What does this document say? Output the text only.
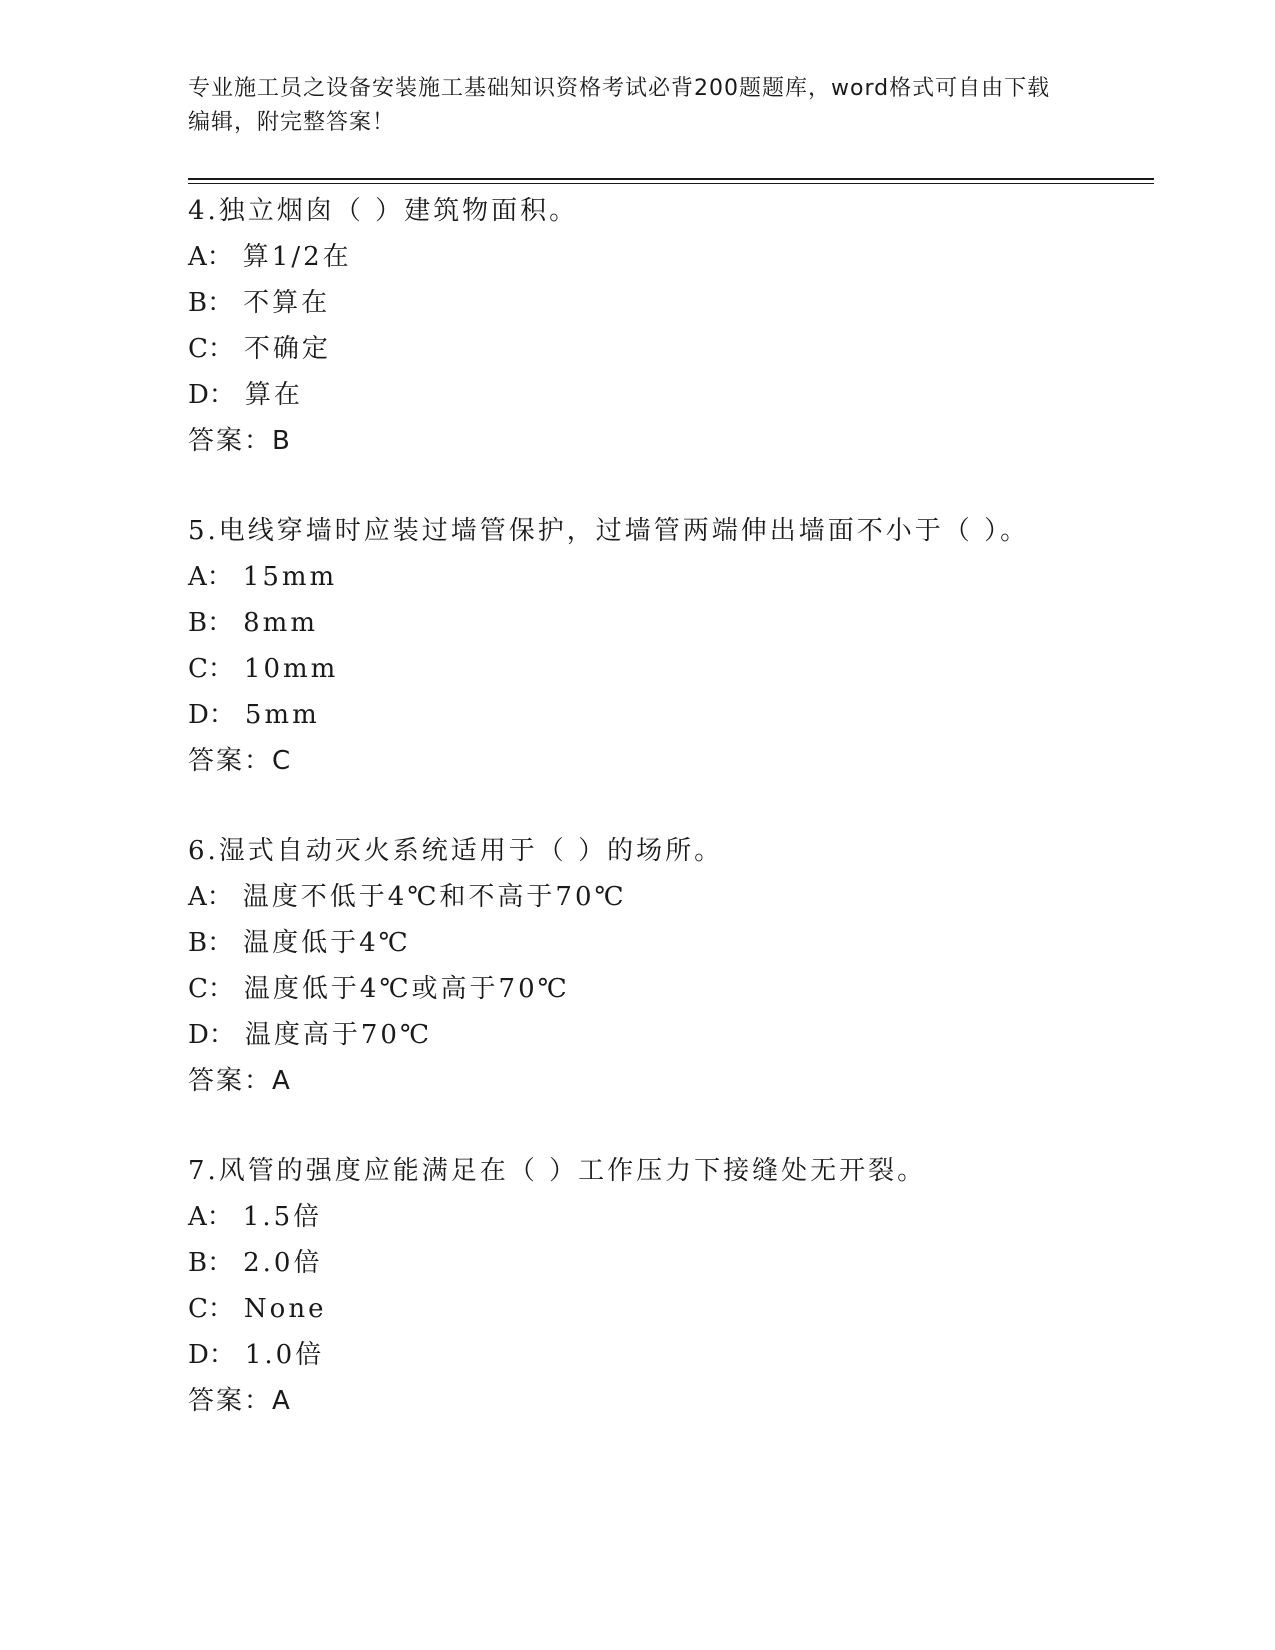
专业施工员之设备安装施工基础知识资格考试必背200题题库，word格式可自由下载编辑，附完整答案！
4.独立烟囱（ ）建筑物面积。
A： 算1/2在
B： 不算在
C： 不确定
D： 算在
答案：B
5.电线穿墙时应装过墙管保护，过墙管两端伸出墙面不小于（ ）。
A： 15mm
B： 8mm
C： 10mm
D： 5mm
答案：C
6.湿式自动灭火系统适用于（ ）的场所。
A： 温度不低于4℃和不高于70℃
B： 温度低于4℃
C： 温度低于4℃或高于70℃
D： 温度高于70℃
答案：A
7.风管的强度应能满足在（ ）工作压力下接缝处无开裂。
A： 1.5倍
B： 2.0倍
C： None
D： 1.0倍
答案：A
